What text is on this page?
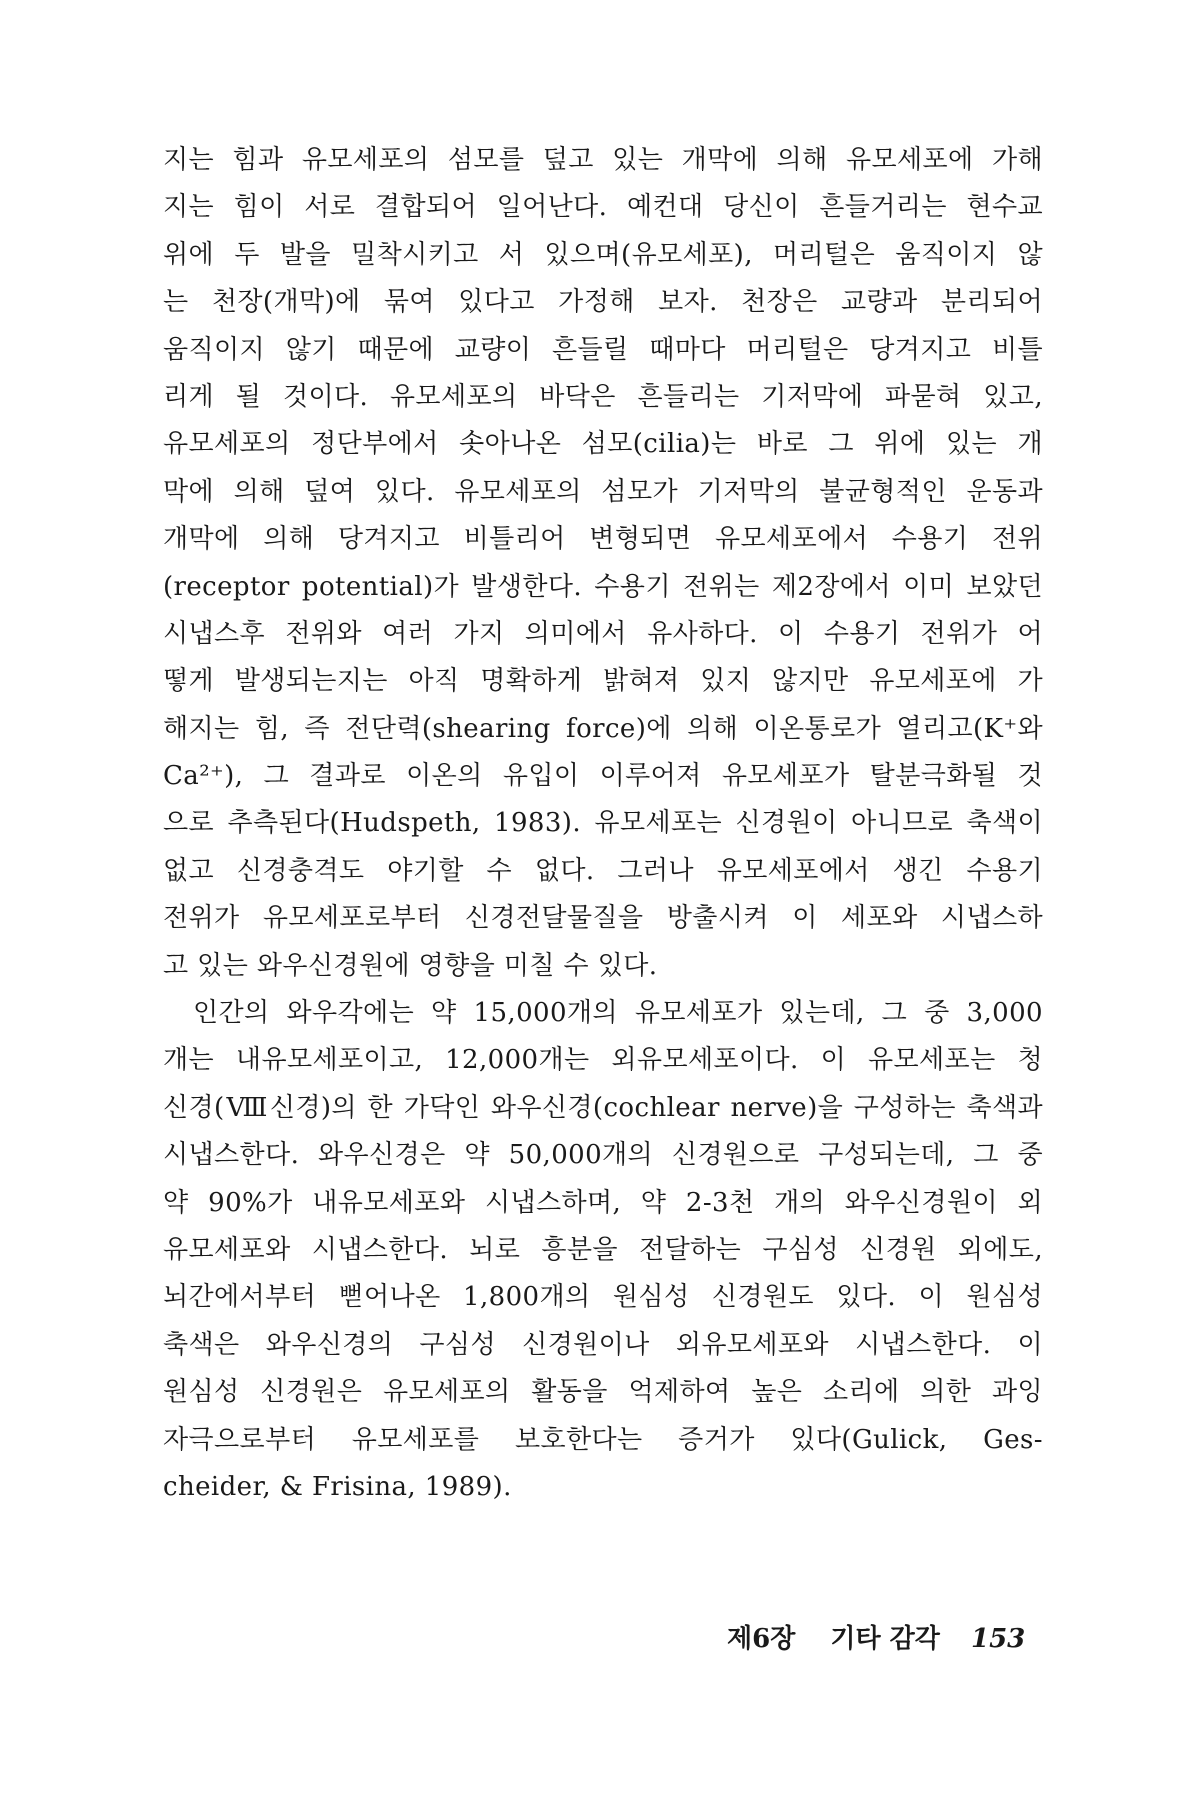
지는 힘과 유모세포의 섬모를 덮고 있는 개막에 의해 유모세포에 가해
지는 힘이 서로 결합되어 일어난다. 예컨대 당신이 흔들거리는 현수교
위에 두 발을 밀착시키고 서 있으며(유모세포), 머리털은 움직이지 않
는 천장(개막)에 묶여 있다고 가정해 보자. 천장은 교량과 분리되어
움직이지 않기 때문에 교량이 흔들릴 때마다 머리털은 당겨지고 비틀
리게 될 것이다. 유모세포의 바닥은 흔들리는 기저막에 파묻혀 있고,
유모세포의 정단부에서 솟아나온 섬모(cilia)는 바로 그 위에 있는 개
막에 의해 덮여 있다. 유모세포의 섬모가 기저막의 불균형적인 운동과
개막에 의해 당겨지고 비틀리어 변형되면 유모세포에서 수용기 전위
(receptor potential)가 발생한다. 수용기 전위는 제2장에서 이미 보았던
시냅스후 전위와 여러 가지 의미에서 유사하다. 이 수용기 전위가 어
떻게 발생되는지는 아직 명확하게 밝혀져 있지 않지만 유모세포에 가
해지는 힘, 즉 전단력(shearing force)에 의해 이온통로가 열리고(K⁺와
Ca²⁺), 그 결과로 이온의 유입이 이루어져 유모세포가 탈분극화될 것
으로 추측된다(Hudspeth, 1983). 유모세포는 신경원이 아니므로 축색이
없고 신경충격도 야기할 수 없다. 그러나 유모세포에서 생긴 수용기
전위가 유모세포로부터 신경전달물질을 방출시켜 이 세포와 시냅스하
고 있는 와우신경원에 영향을 미칠 수 있다.
인간의 와우각에는 약 15,000개의 유모세포가 있는데, 그 중 3,000
개는 내유모세포이고, 12,000개는 외유모세포이다. 이 유모세포는 청
신경(Ⅷ신경)의 한 가닥인 와우신경(cochlear nerve)을 구성하는 축색과
시냅스한다. 와우신경은 약 50,000개의 신경원으로 구성되는데, 그 중
약 90%가 내유모세포와 시냅스하며, 약 2-3천 개의 와우신경원이 외
유모세포와 시냅스한다. 뇌로 흥분을 전달하는 구심성 신경원 외에도,
뇌간에서부터 뻗어나온 1,800개의 원심성 신경원도 있다. 이 원심성
축색은 와우신경의 구심성 신경원이나 외유모세포와 시냅스한다. 이
원심성 신경원은 유모세포의 활동을 억제하여 높은 소리에 의한 과잉
자극으로부터 유모세포를 보호한다는 증거가 있다(Gulick, Ges-
cheider, & Frisina, 1989).
제6장 기타 감각 153
